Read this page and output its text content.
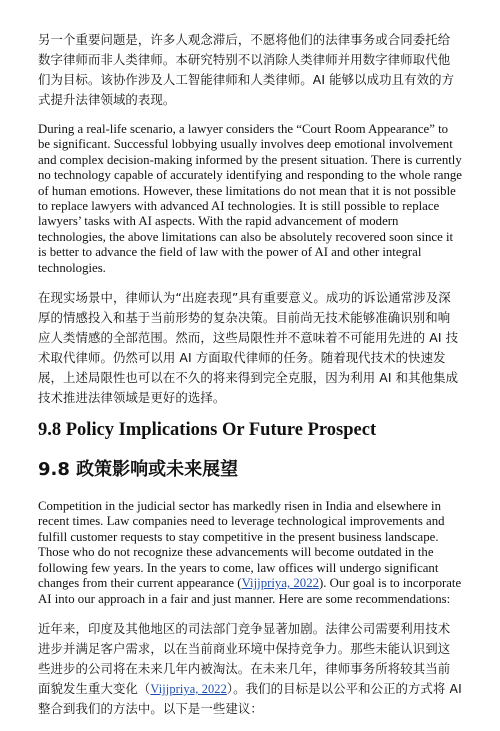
另一个重要问题是，许多人观念滞后，不愿将他们的法律事务或合同委托给数字律师而非人类律师。本研究特别不以消除人类律师并用数字律师取代他们为目标。该协作涉及人工智能律师和人类律师。AI 能够以成功且有效的方式提升法律领域的表现。

During a real-life scenario, a lawyer considers the “Court Room Appearance” to be significant. Successful lobbying usually involves deep emotional involvement and complex decision-making informed by the present situation. There is currently no technology capable of accurately identifying and responding to the whole range of human emotions. However, these limitations do not mean that it is not possible to replace lawyers with advanced AI technologies. It is still possible to replace lawyers’ tasks with AI aspects. With the rapid advancement of modern technologies, the above limitations can also be absolutely recovered soon since it is better to advance the field of law with the power of AI and other integral technologies.

在现实场景中，律师认为“出庭表现”具有重要意义。成功的诉讼通常涉及深厚的情感投入和基于当前形势的复杂决策。目前尚无技术能够准确识别和响应人类情感的全部范围。然而，这些局限性并不意味着不可能用先进的 AI 技术取代律师。仍然可以用 AI 方面取代律师的任务。随着现代技术的快速发展，上述局限性也可以在不久的将来得到完全克服，因为利用 AI 和其他集成技术推进法律领域是更好的选择。

9.8 Policy Implications Or Future Prospect
9.8 政策影响或未来展望

Competition in the judicial sector has markedly risen in India and elsewhere in recent times. Law companies need to leverage technological improvements and fulfill customer requests to stay competitive in the present business landscape. Those who do not recognize these advancements will become outdated in the following few years. In the years to come, law offices will undergo significant changes from their current appearance (Vijjpriya, 2022). Our goal is to incorporate AI into our approach in a fair and just manner. Here are some recommendations:

近年来，印度及其他地区的司法部门竞争显著加剧。法律公司需要利用技术进步并满足客户需求，以在当前商业环境中保持竞争力。那些未能认识到这些进步的公司将在未来几年内被淘汰。在未来几年，律师事务所将较其当前面貌发生重大变化（Vijjpriya, 2022）。我们的目标是以公平和公正的方式将 AI 整合到我们的方法中。以下是一些建议：
